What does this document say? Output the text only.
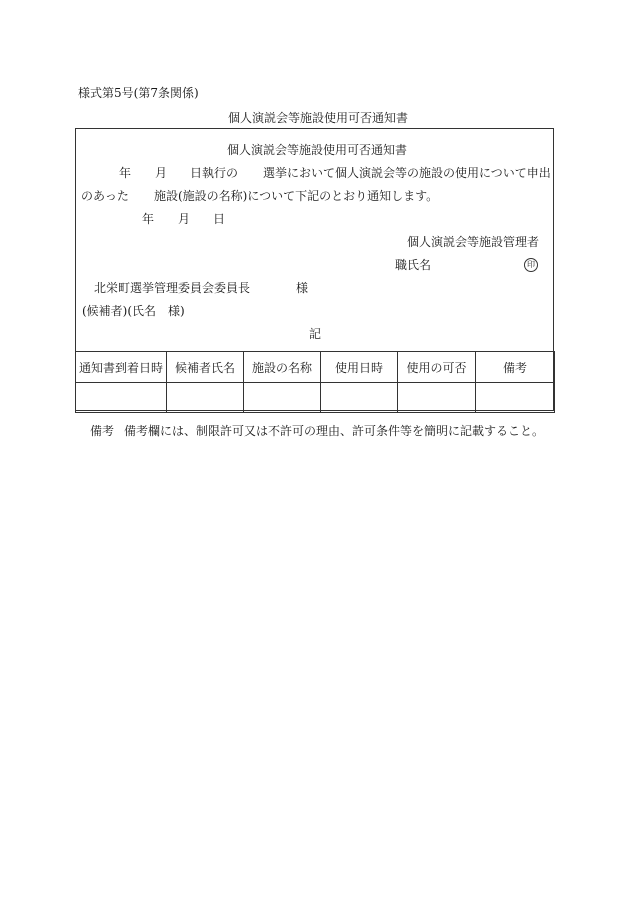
様式第5号(第7条関係)
個人演説会等施設使用可否通知書
個人演説会等施設使用可否通知書
年 月 日執行の 選挙において個人演説会等の施設の使用について申出
のあった 施設(施設の名称)について下記のとおり通知します。
年 月 日
個人演説会等施設管理者
職氏名	印
北栄町選挙管理委員会委員長	様
(候補者)(氏名　様)
記
通知書到着日時	候補者氏名	施設の名称	使用日時	使用の可否	備考

備考 備考欄には、制限許可又は不許可の理由、許可条件等を簡明に記載すること。
